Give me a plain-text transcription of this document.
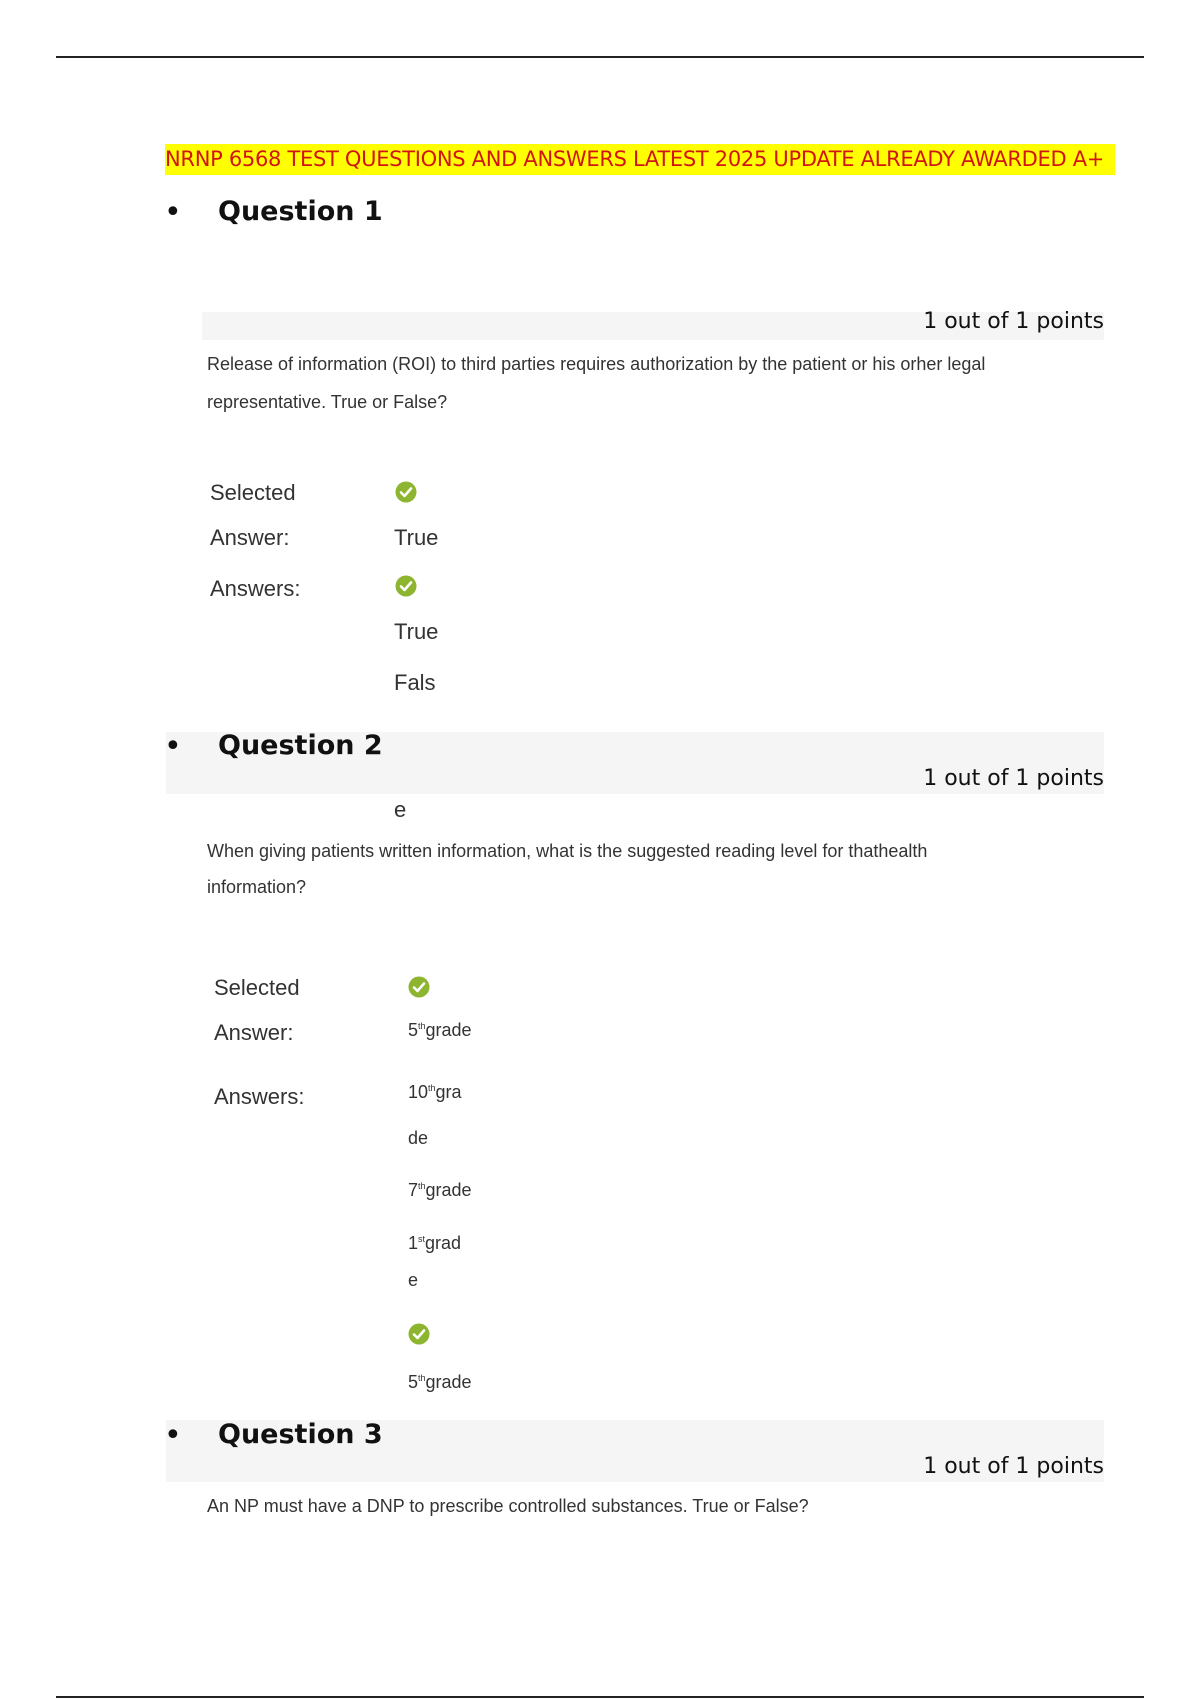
NRNP 6568 TEST QUESTIONS AND ANSWERS LATEST 2025 UPDATE ALREADY AWARDED A+
• Question 1
1 out of 1 points
Release of information (ROI) to third parties requires authorization by the patient or his orher legal
representative. True or False?
Selected
Answer:	True
Answers:
True
Fals
• Question 2
1 out of 1 points
e
When giving patients written information, what is the suggested reading level for thathealth
information?
Selected
Answer:	5thgrade
Answers:	10thgra
de
7thgrade
1stgrad
e
5thgrade
• Question 3
1 out of 1 points
An NP must have a DNP to prescribe controlled substances. True or False?
